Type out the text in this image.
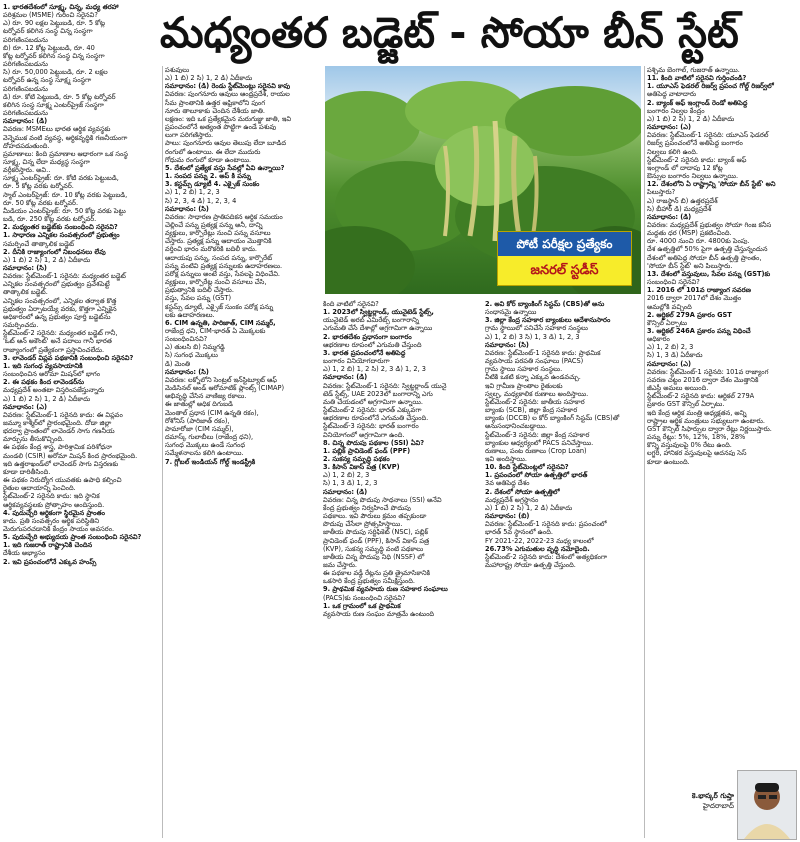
మధ్యంతర బడ్జెట్ - సోయా బీన్ స్టేట్
పోటీ పరీక్షల ప్రత్యేకం
జనరల్ స్టడీస్
1. భారతదేశంలో సూక్ష్మ, చిన్న, మధ్య తరహా
పరిశ్రమల (MSME) గురించి సరైనవి?
ఎ) రూ. 90 లక్షల పెట్టుబడి, రూ. 5 కోట్ల
టర్నోవర్ కలిగిన సంస్థ చిన్న సంస్థగా
పరిగణింపబడును
బి) రూ. 12 కోట్ల పెట్టుబడి, రూ. 40
కోట్ల టర్నోవర్ కలిగిన సంస్థ చిన్న సంస్థగా
పరిగణింపబడును
సి) రూ. 50,000 పెట్టుబడి, రూ. 2 లక్షల
టర్నోవర్ ఉన్న సంస్థ సూక్ష్మ సంస్థగా
పరిగణింపబడును
డి) రూ. కోటి పెట్టుబడి, రూ. 5 కోట్ల టర్నోవర్
కలిగిన సంస్థ సూక్ష్మ ఎంటర్‌ప్రైజ్ సంస్థగా
పరిగణింపబడును
సమాధానం: (డి)
వివరణ: MSMEలు భారత ఆర్థిక వ్యవస్థకు
వెన్నెముక వంటి వ్యవస్థ, ఆర్థికవృద్ధికి గణనీయంగా
దోహదపడుతుంది.
ప్రమాణాలు: కింది ప్రమాణాల ఆధారంగా ఒక సంస్థ
సూక్ష్మ, చిన్న లేదా మధ్యస్థ సంస్థగా
వర్గీకరిస్తారు. అవి..
సూక్ష్మ ఎంటర్‌ప్రైజ్: రూ. కోటి వరకు పెట్టుబడి,
రూ. 5 కోట్ల వరకు టర్నోవర్.
స్మాల్ ఎంటర్‌ప్రైజ్: రూ. 10 కోట్ల వరకు పెట్టుబడి,
రూ. 50 కోట్ల వరకు టర్నోవర్.
మీడియం ఎంటర్‌ప్రైజ్: రూ. 50 కోట్ల వరకు పెట్టు
బడి, రూ. 250 కోట్ల వరకు టర్నోవర్.
2. మధ్యంతర బడ్జెట్‌కు సంబంధించి సరైనవి?
1. సాధారణ ఎన్నికల సంవత్సరంలో ప్రభుత్వం
సమర్పించే తాత్కాలిక బడ్జెట్
2. దీనికి రాజ్యాంగంలో నిబంధనలు లేవు
ఎ) 1 బి) 2 సి) 1, 2 డి) ఏదీకాదు
సమాధానం: (సి)
వివరణ: స్టేట్‌మెంట్-1 సరైనది: మధ్యంతర బడ్జెట్
ఎన్నికల సంవత్సరంలో ప్రభుత్వం ప్రవేశపెట్టే
తాత్కాలిక బడ్జెట్.
ఎన్నికల సంవత్సరంలో, ఎన్నికల తర్వాత కొత్త
ప్రభుత్వం ఏర్పాటయ్యే వరకు, కొత్తగా ఎన్నికైన
అధికారంలో ఉన్న ప్రభుత్వం పూర్తి బడ్జెట్‌ను
సమర్పించదు.
స్టేట్‌మెంట్-2 సరైనది: మధ్యంతర బడ్జెట్ గానీ,
'ఓట్ ఆన్ అకౌంట్' అనే పదాలు గానీ భారత
రాజ్యాంగంలో ప్రత్యేకంగా ప్రస్తావించలేదు.
3. లావెండర్ విప్లవ పథకానికి సంబంధించి సరైనవి?
1. ఇది సుగంధ వ్యవసాయానికి
సంబంధించిన అరోమా మిషన్‌లో భాగం
2. ఈ పథకం కింద లావెండర్‌ను
మధ్యప్రదేశ్ అంతటా విస్తరింపజేస్తున్నారు
ఎ) 1 బి) 2 సి) 1, 2 డి) ఏదీకాదు
సమాధానం: (ఎ)
వివరణ: స్టేట్‌మెంట్-1 సరైనది కాదు: ఈ విప్లవం
జమ్మూ కాశ్మీర్‌లో ప్రారంభమైంది. దోడా జిల్లా
భదర్వా ప్రాంతంలో లావెండర్ సాగు గణనీయ
మార్పును తీసుకొచ్చింది.
ఈ పథకం కేంద్ర శాస్త్ర, పారిశ్రామిక పరిశోధనా
మండలి (CSIR) అరోమా మిషన్ కింద ప్రారంభమైంది.
ఇది ఉత్తరాఖండ్‌లో లావెండర్ సాగు విస్తరణకు
కూడా దారితీసింది.
ఈ పథకం నిరుద్యోగ యువతకు ఉపాధి కల్పించి
రైతుల ఆదాయాన్ని పెంచింది.
స్టేట్‌మెంట్-2 సరైనది కాదు: ఇది స్థానిక
ఆర్థికవ్యవస్థలకు ప్రోత్సాహం అందిస్తుంది.
4. పుదుచ్చేరి ఆర్థికంగా స్థిరమైన ప్రాంతం
కాదు. ప్రతి సంవత్సరం ఆర్థిక పరిస్థితిని
మెరుగుపరచడానికి కేంద్రం సాయం అవసరం.
5. పుదుచ్చేరి అభ్యుదయ ప్రాంత సంబంధించి సరైనవి?
1. ఇది గుజరాత్ రాష్ట్రానికి చెందిన
దేశీయ అభ్యాసం
2. ఇవి ప్రపంచంలోనే ఎక్కువ హంప్స్
పశువులు
ఎ) 1 బి) 2 సి) 1, 2 డి) ఏదీకాదు
సమాధానం: (డి) రెండు స్టేట్‌మెంట్లు సరైనవి కావు
వివరణ: పుంగనూరు ఆవులు ఆంధ్రప్రదేశ్, రాయల
సీమ ప్రాంతానికి ఉత్తర ఆఫ్రికాలోని పుంగ
నూరు తాలూకాకు చెందిన దేశీయ జాతి.
లక్షణం: ఇది ఒక ప్రత్యేకమైన మరుగుజ్జు జాతి, ఇవి
ప్రపంచంలోనే అత్యంత పొట్టిగా ఉండే పశువు
లుగా పరిగణిస్తారు.
పాలు: పుంగనూరు ఆవుల తెలుపు లేదా బూడిద
రంగులో ఉంటాయి. ఈ లేదా ముదురు
గోధుమ రంగులో కూడా ఉంటాయి.
5. దేశంలో ప్రత్యేక వస్తు సేవల్లో ఏవి ఉన్నాయి?
1. సంపద పన్ను 2. అప్ కి పన్ను
3. కస్టమ్స్ డ్యూటీ 4. ఎక్సైజ్ సుంకం
ఎ) 1, 2 బి) 1, 2, 3
సి) 2, 3, 4 డి) 1, 2, 3, 4
సమాధానం: (సి)
వివరణ: సాధారణ ప్రాతిపదికన ఆర్థిక సమయం
చెల్లించే పన్ను ప్రత్యక్ష పన్ను అనీ, దాన్ని
వ్యక్తులు, కార్పొరేట్లు నుంచి పన్ను వసూలు
చేస్తారు. ప్రత్యక్ష పన్ను ఆదాయం మొత్తానికి
వర్తించి భారం మరొకరికి బదిలీ కాదు.
ఆదాయపు పన్ను, సంపద పన్ను, కార్పొరేట్
పన్ను వంటివి ప్రత్యక్ష పన్నులకు ఉదాహరణలు.
పరోక్ష పన్నులు అంటే వస్తు, సేవలపై విధించేవి.
వ్యక్తులు, కార్పొరేట్ల నుంచి వసూలు చేసి,
ప్రభుత్వానికి బదిలీ చేస్తారు.
వస్తు, సేవల పన్ను (GST)
కస్టమ్స్ డ్యూటీ, ఎక్సైజ్ సుంకం పరోక్ష పన్ను
లకు ఉదాహరణలు.
6. CIM ఉన్నతి, పారిజాత్, CIM సమ్మర్,
రాజేంద్ర ధని, CIM-భారత్ ఏ మొక్కలకు
సంబంధించినవి?
ఎ) తులసి బి) నిమ్మగడ్డి
సి) సుగంధ మొక్కలు
డి) మెంతి
సమాధానం: (సి)
వివరణ: లక్నోలోని సెంట్రల్ ఇన్‌స్టిట్యూట్ ఆఫ్
మెడిసినల్ అండ్ ఆరోమాటిక్ ప్లాంట్స్ (CIMAP)
అభివృద్ధి చేసిన వాణిజ్య రకాలు.
ఈ జాతుల్లో అధిక దిగుబడి
మెంతాల్ ప్రధాన (CIM ఉన్నతి రకం),
రోశోనిస్ (పారిజాత్ రకం),
పామారోజా (CIM సమ్మర్),
దమాస్క్ గులాబీలు (రాజేంద్ర ధని),
సుగంధ మొక్కలు ఉండే సుగంధ
సమ్మేళనాలను కలిగి ఉంటాయి.
7. గ్లోబల్ ఇండియన్ గోల్డ్ ఇండస్ట్రీకి
కింది వాటిలో సరైనవి?
1. 2023లో స్విట్జర్లాండ్, యునైటెడ్ స్టేట్స్,
యునైటెడ్ అరబ్ ఎమిరేట్స్ బంగారాన్ని
ఎగుమతి చేసే దేశాల్లో అగ్రగామిగా ఉన్నాయి
2. భారతదేశం ప్రధానంగా బంగారం
ఆభరణాల రూపంలో ఎగుమతి చేస్తుంది
3. భారత ప్రపంచంలోనే అతిపెద్ద
బంగారం వినియోగదారుగా
ఎ) 1, 2 బి) 1, 2 సి) 2, 3 డి) 1, 2, 3
సమాధానం: (డి)
వివరణ: స్టేట్‌మెంట్-1 సరైనది: స్విట్జర్లాండ్ యునై
టెడ్ స్టేట్స్, UAE 2023లో బంగారాన్ని ఎగు
మతి చేయడంలో అగ్రగామిగా ఉన్నాయి.
స్టేట్‌మెంట్-2 సరైనది: భారత్ ఎక్కువగా
ఆభరణాల రూపంలోనే ఎగుమతి చేస్తుంది.
స్టేట్‌మెంట్-3 సరైనది: భారత్ బంగారం
వినియోగంలో అగ్రగామిగా ఉంది.
8. చిన్న పొదుపు పథకాల (SSI) ఏవి?
1. పబ్లిక్ ప్రావిడెంట్ ఫండ్ (PPF)
2. సుకన్య సమృద్ధి పథకం
3. కిసాన్ వికాస్ పత్ర (KVP)
ఎ) 1, 2 బి) 2, 3
సి) 1, 3 డి) 1, 2, 3
సమాధానం: (డి)
వివరణ: చిన్న పొదుపు సాధనాలు (SSI) అనేవి
కేంద్ర ప్రభుత్వం నిర్వహించే పొదుపు
పథకాలు. ఇవి పౌరులు క్రమం తప్పకుండా
పొదుపు చేసేలా ప్రోత్సహిస్తాయి.
జాతీయ పొదుపు సర్టిఫికెట్ (NSC), పబ్లిక్
ప్రావిడెంట్ ఫండ్ (PPF), కిసాన్ వికాస్ పత్ర
(KVP), సుకన్య సమృద్ధి వంటి పథకాలు
జాతీయ చిన్న పొదుపు నిధి (NSSF) లో
జమ చేస్తారు.
ఈ పథకాల వడ్డీ రేట్లను ప్రతి త్రైమాసికానికి
ఒకసారి కేంద్ర ప్రభుత్వం సమీక్షిస్తుంది.
9. ప్రాథమిక వ్యవసాయ రుణ సహకార సంఘాలు
(PACS)కు సంబంధించి సరైనవి?
1. ఒక గ్రామంలో ఒక ప్రాథమిక
వ్యవసాయ రుణ సంఘం మాత్రమే ఉంటుంది
2. అవి కోర్ బ్యాంకింగ్ సిస్టమ్ (CBS)తో అను
సంధానమై ఉన్నాయి
3. జిల్లా కేంద్ర సహకార బ్యాంకులు ఆదేశానుసారం
గ్రామ స్థాయిలో పనిచేసే సహకార సంస్థలు
ఎ) 1, 2 బి) 3 సి) 1, 3 డి) 1, 2, 3
సమాధానం: (సి)
వివరణ: స్టేట్‌మెంట్-1 సరైనది కాదు: ప్రాథమిక
వ్యవసాయ పరపతి సంఘాలు (PACS)
గ్రామ స్థాయి సహకార సంస్థలు.
వీటికి ఒకటి కన్నా ఎక్కువ ఉండవచ్చు.
ఇవి గ్రామీణ ప్రాంతాల రైతులకు
స్వల్ప, మధ్యకాలిక రుణాలు అందిస్తాయి.
స్టేట్‌మెంట్-2 సరైనది: జాతీయ సహకార
బ్యాంకు (SCB), జిల్లా కేంద్ర సహకార
బ్యాంకు (DCCB) ల కోర్ బ్యాంకింగ్ సిస్టమ్ (CBS)తో
అనుసంధానించబడ్డాయి.
స్టేట్‌మెంట్-3 సరైనది: జిల్లా కేంద్ర సహకార
బ్యాంకుల ఆధ్వర్యంలో PACS పనిచేస్తాయి.
రుణాలు, పంట రుణాలు (Crop Loan)
ఇవి అందిస్తాయి.
10. కింది స్టేట్‌మెంట్లలో సరైనవి?
1. ప్రపంచంలో సోయా ఉత్పత్తిలో భారత్
3వ అతిపెద్ద దేశం
2. దేశంలో సోయా ఉత్పత్తిలో
మధ్యప్రదేశ్ అగ్రస్థానం
ఎ) 1 బి) 2 సి) 1, 2 డి) ఏదీకాదు
సమాధానం: (బి)
వివరణ: స్టేట్‌మెంట్-1 సరైనది కాదు: ప్రపంచంలో
భారత్ 5వ స్థానంలో ఉంది.
FY 2021-22, 2022-23 మధ్య కాలంలో
26.73% ఎగుమతుల వృద్ధి నమోదైంది.
స్టేట్‌మెంట్-2 సరైనది కాదు: దేశంలో అత్యధికంగా
మహారాష్ట్ర సోయా ఉత్పత్తి చేస్తుంది.
పశ్చిమ బెంగాల్, గుజరాత్ ఉన్నాయి.
11. కింది వాటిలో సరైనవి గుర్తించండి?
1. యూఎస్ ఫెడరల్ రిజర్వ్ ప్రపంచ గోల్డ్ రిజర్వ్‌లో
అతిపెద్ద వాటాదారు
2. బ్యాంక్ ఆఫ్ ఇంగ్లాండ్ రెండో అతిపెద్ద
బంగారం నిల్వల కేంద్రం
ఎ) 1 బి) 2 సి) 1, 2 డి) ఏదీకాదు
సమాధానం: (ఎ)
వివరణ: స్టేట్‌మెంట్-1 సరైనది: యూఎస్ ఫెడరల్
రిజర్వ్ ప్రపంచంలోనే అతిపెద్ద బంగారం
నిల్వలు కలిగి ఉంది.
స్టేట్‌మెంట్-2 సరైనది కాదు: బ్యాంక్ ఆఫ్
ఇంగ్లాండ్ లో దాదాపు 12 కోట్ల
ఔన్సుల బంగారం నిల్వలు ఉన్నాయి.
12. దేశంలోని ఏ రాష్ట్రాన్ని 'సోయా బీన్ స్టేట్' అని
పిలుస్తారు?
ఎ) రాజస్థాన్ బి) ఉత్తరప్రదేశ్
సి) బీహార్ డి) మధ్యప్రదేశ్
సమాధానం: (డి)
వివరణ: మధ్యప్రదేశ్ ప్రభుత్వం సోయా గింజ కనీస
మద్దతు ధర (MSP) ప్రకటించింది.
రూ. 4000 నుంచి రూ. 4800కు పెంపు.
దేశ ఉత్పత్తిలో 50% పైగా ఉత్పత్తి చేస్తున్నందున
దేశంలో అతిపెద్ద సోయా బీన్ ఉత్పత్తి ప్రాంతం,
'సోయా బీన్ స్టేట్' అని పిలుస్తారు.
13. దేశంలో వస్తువులు, సేవల పన్ను (GST)కు
సంబంధించి సరైనవి?
1. 2016 లో 101వ రాజ్యాంగ సవరణ
2016 ద్వారా 2017లో దేశం మొత్తం
అమల్లోకి వచ్చింది
2. ఆర్టికల్ 279A ప్రకారం GST
కౌన్సిల్ ఏర్పాటు
3. ఆర్టికల్ 246A ప్రకారం పన్ను విధించే
అధికారం
ఎ) 1, 2 బి) 2, 3
సి) 1, 3 డి) ఏదీకాదు
సమాధానం: (ఎ)
వివరణ: స్టేట్‌మెంట్-1 సరైనది: 101వ రాజ్యాంగ
సవరణ చట్టం 2016 ద్వారా దేశం మొత్తానికి
జీఎస్టీ అమలు అయింది.
స్టేట్‌మెంట్-2 సరైనది కాదు: ఆర్టికల్ 279A
ప్రకారం GST కౌన్సిల్ ఏర్పాటు.
ఇది కేంద్ర ఆర్థిక మంత్రి అధ్యక్షతన, అన్ని
రాష్ట్రాల ఆర్థిక మంత్రులు సభ్యులుగా ఉంటారు.
GST కౌన్సిల్ సిఫార్సుల ద్వారా రేట్లు నిర్ణయిస్తారు.
పన్ను రేట్లు: 5%, 12%, 18%, 28%
కొన్ని వస్తువులపై 0% రేటు ఉంది.
లగ్జరీ, హానికర వస్తువులపై అదనపు సెస్
కూడా ఉంటుంది.
కె.భాస్కర్ గుప్తా
హైదరాబాద్
